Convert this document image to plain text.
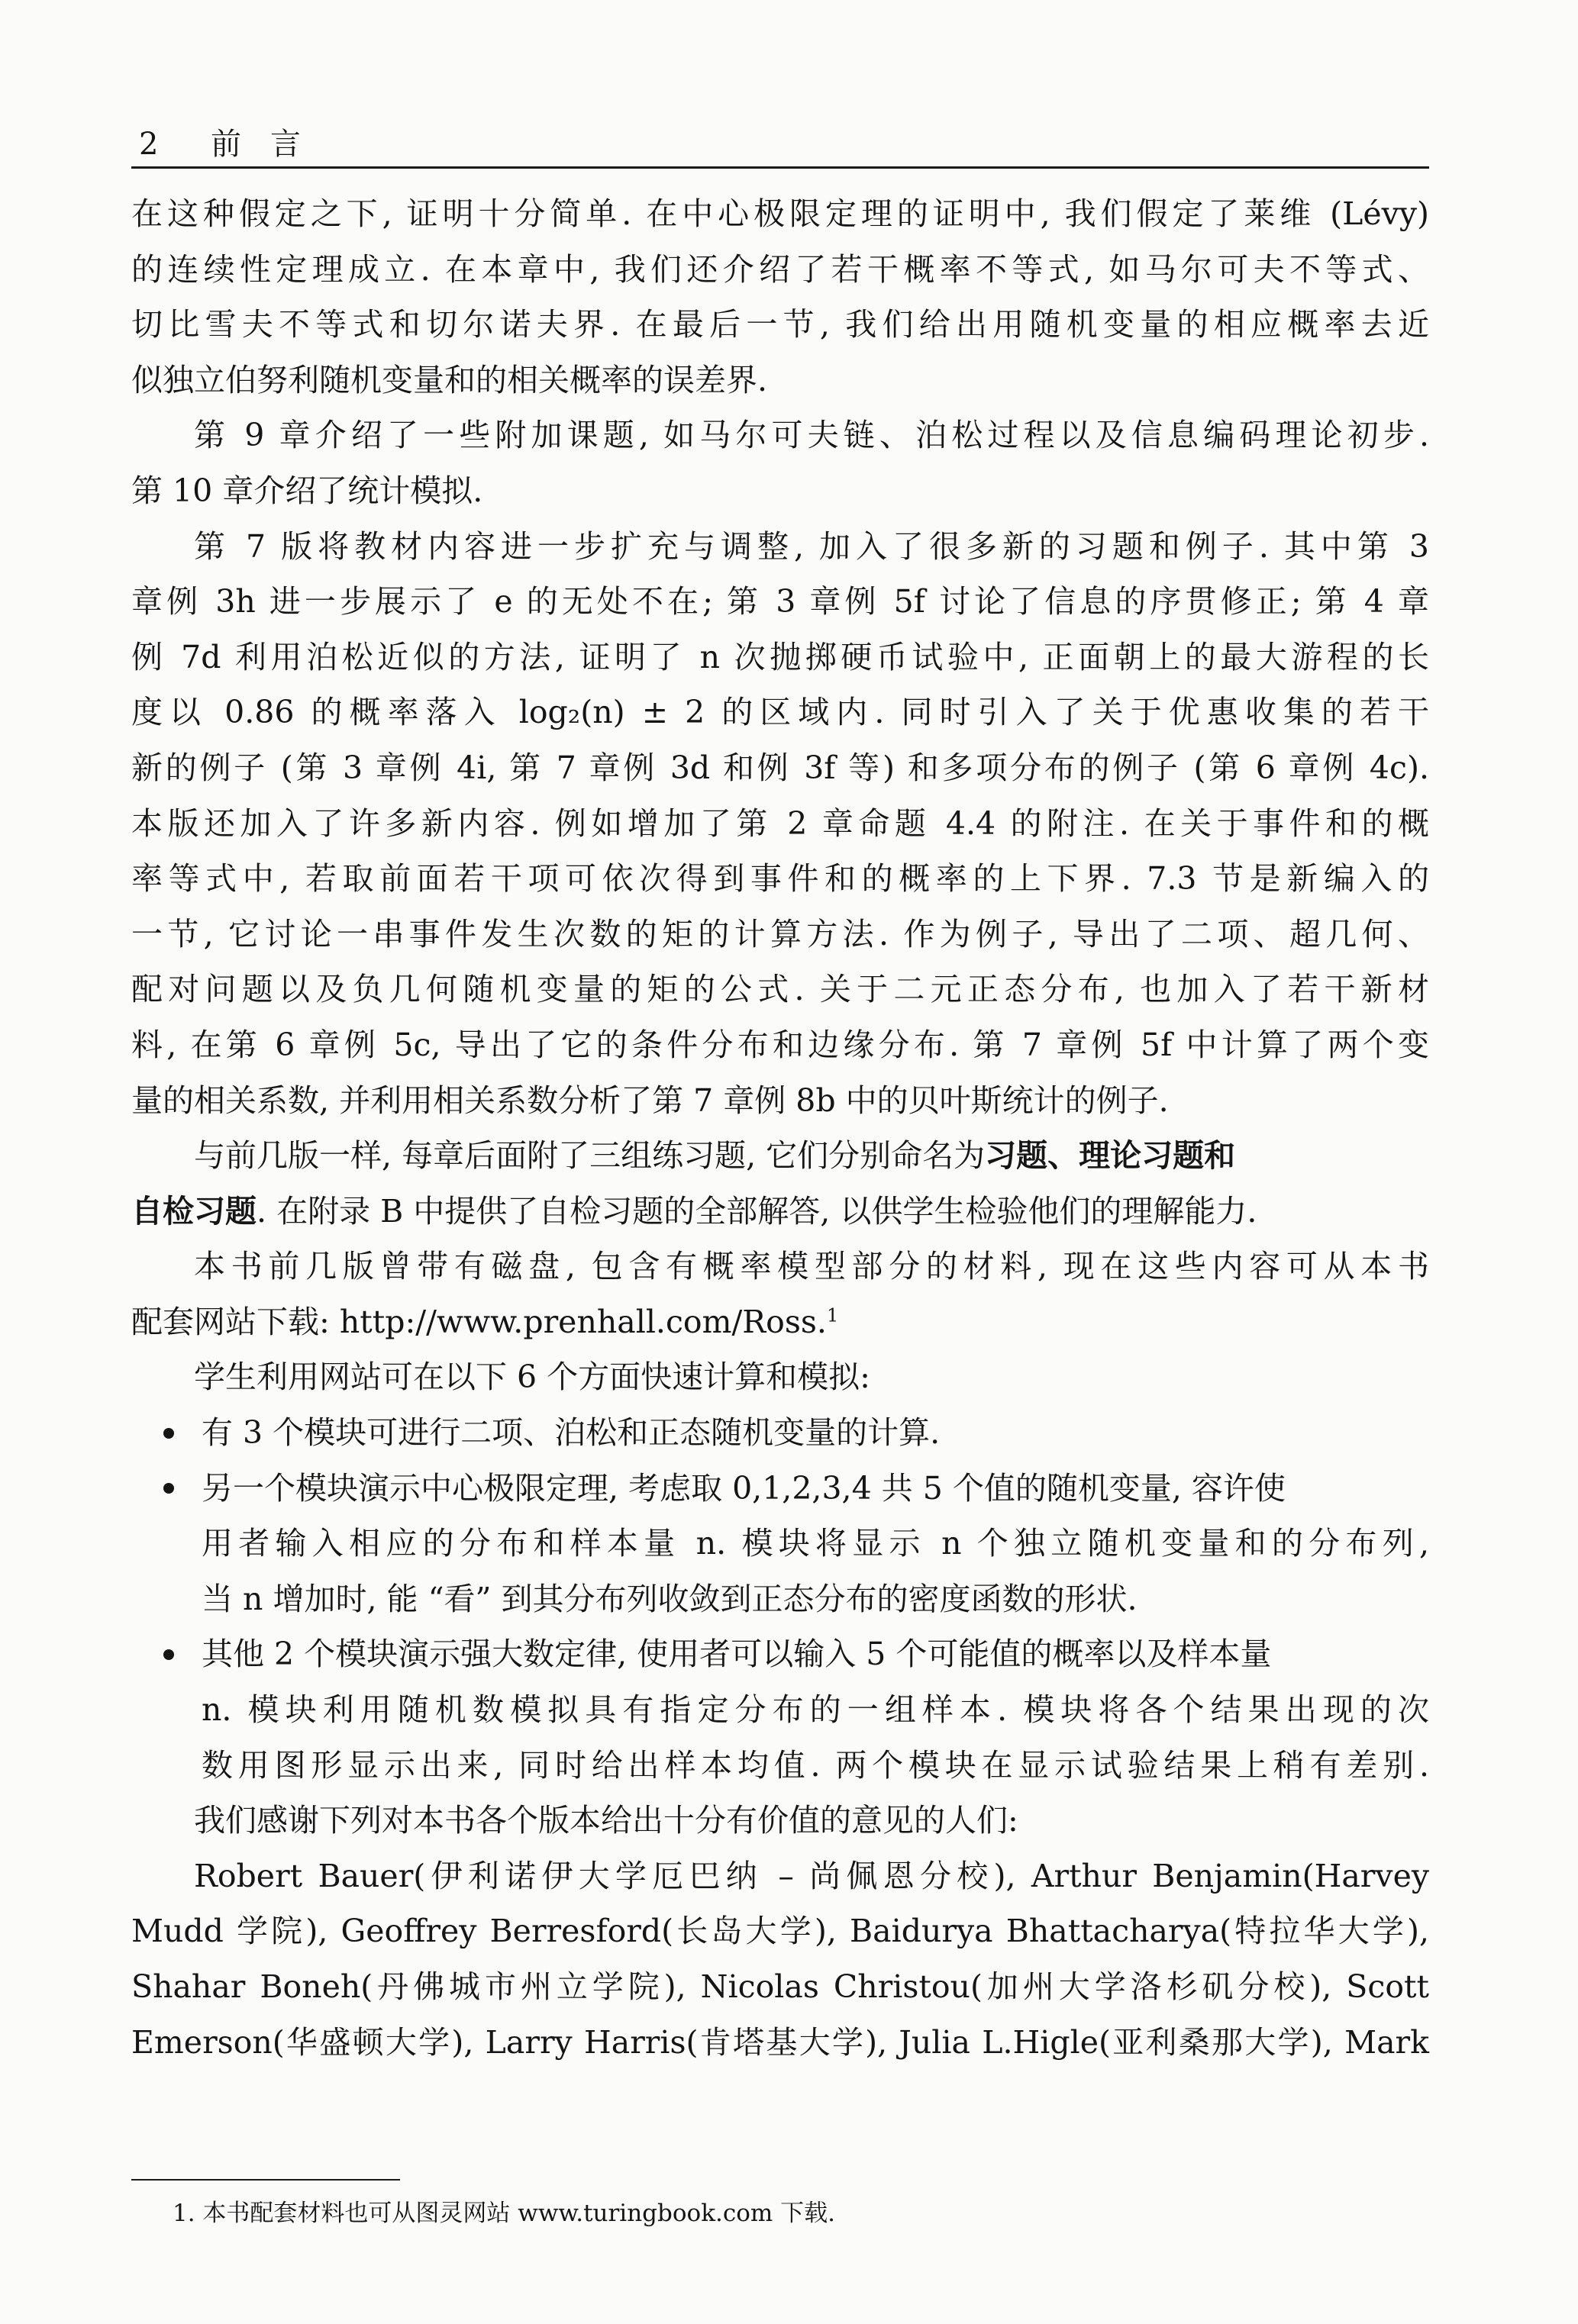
2 前言
在这种假定之下, 证明十分简单. 在中心极限定理的证明中, 我们假定了莱维 (Lévy)
的连续性定理成立. 在本章中, 我们还介绍了若干概率不等式, 如马尔可夫不等式、
切比雪夫不等式和切尔诺夫界. 在最后一节, 我们给出用随机变量的相应概率去近
似独立伯努利随机变量和的相关概率的误差界.
第 9 章介绍了一些附加课题, 如马尔可夫链、泊松过程以及信息编码理论初步.
第 10 章介绍了统计模拟.
第 7 版将教材内容进一步扩充与调整, 加入了很多新的习题和例子. 其中第 3
章例 3h 进一步展示了 e 的无处不在; 第 3 章例 5f 讨论了信息的序贯修正; 第 4 章
例 7d 利用泊松近似的方法, 证明了 n 次抛掷硬币试验中, 正面朝上的最大游程的长
度以 0.86 的概率落入 log₂(n) ± 2 的区域内. 同时引入了关于优惠收集的若干
新的例子 (第 3 章例 4i, 第 7 章例 3d 和例 3f 等) 和多项分布的例子 (第 6 章例 4c).
本版还加入了许多新内容. 例如增加了第 2 章命题 4.4 的附注. 在关于事件和的概
率等式中, 若取前面若干项可依次得到事件和的概率的上下界. 7.3 节是新编入的
一节, 它讨论一串事件发生次数的矩的计算方法. 作为例子, 导出了二项、超几何、
配对问题以及负几何随机变量的矩的公式. 关于二元正态分布, 也加入了若干新材
料, 在第 6 章例 5c, 导出了它的条件分布和边缘分布. 第 7 章例 5f 中计算了两个变
量的相关系数, 并利用相关系数分析了第 7 章例 8b 中的贝叶斯统计的例子.
与前几版一样, 每章后面附了三组练习题, 它们分别命名为习题、理论习题和
自检习题. 在附录 B 中提供了自检习题的全部解答, 以供学生检验他们的理解能力.
本书前几版曾带有磁盘, 包含有概率模型部分的材料, 现在这些内容可从本书
配套网站下载: http://www.prenhall.com/Ross.$^1$
学生利用网站可在以下 6 个方面快速计算和模拟:
有 3 个模块可进行二项、泊松和正态随机变量的计算.
另一个模块演示中心极限定理, 考虑取 0,1,2,3,4 共 5 个值的随机变量, 容许使
用者输入相应的分布和样本量 n. 模块将显示 n 个独立随机变量和的分布列,
当 n 增加时, 能 “看” 到其分布列收敛到正态分布的密度函数的形状.
其他 2 个模块演示强大数定律, 使用者可以输入 5 个可能值的概率以及样本量
n. 模块利用随机数模拟具有指定分布的一组样本. 模块将各个结果出现的次
数用图形显示出来, 同时给出样本均值. 两个模块在显示试验结果上稍有差别.
我们感谢下列对本书各个版本给出十分有价值的意见的人们:
Robert Bauer(伊利诺伊大学厄巴纳 – 尚佩恩分校), Arthur Benjamin(Harvey
Mudd 学院), Geoffrey Berresford(长岛大学), Baidurya Bhattacharya(特拉华大学),
Shahar Boneh(丹佛城市州立学院), Nicolas Christou(加州大学洛杉矶分校), Scott
Emerson(华盛顿大学), Larry Harris(肯塔基大学), Julia L.Higle(亚利桑那大学), Mark
1. 本书配套材料也可从图灵网站 www.turingbook.com 下载.
